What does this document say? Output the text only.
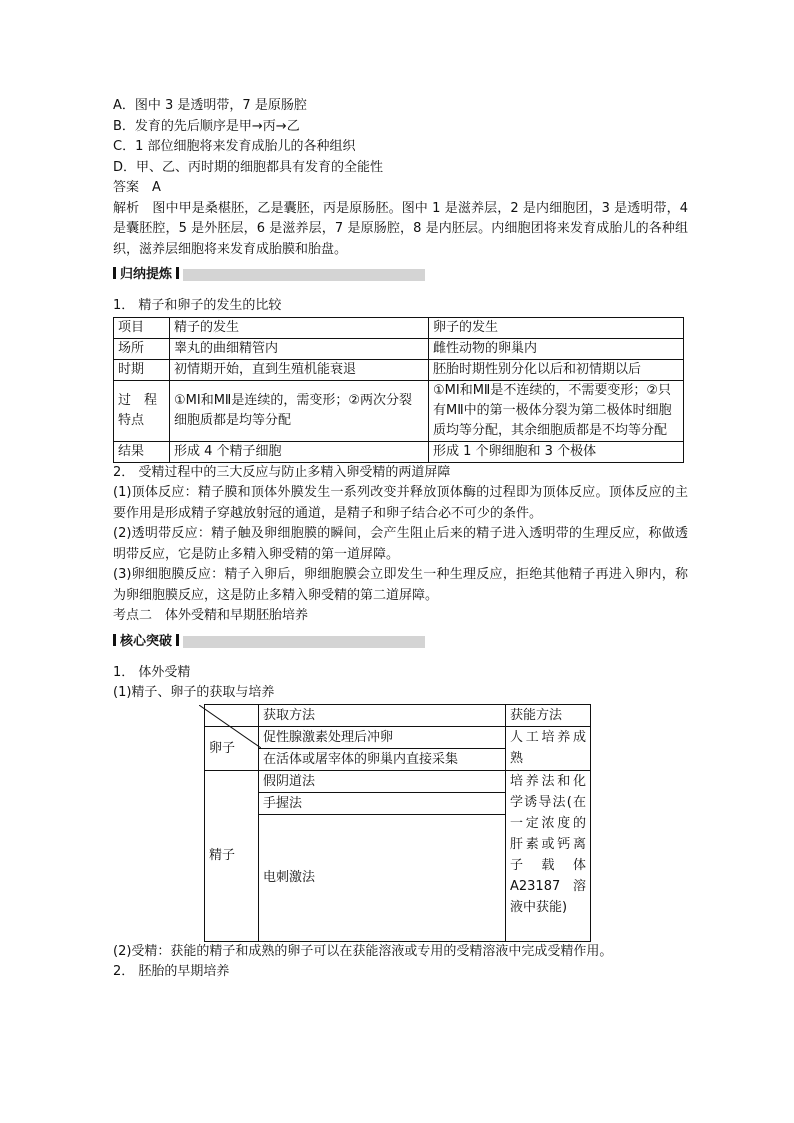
A．图中 3 是透明带，7 是原肠腔
B．发育的先后顺序是甲→丙→乙
C．1 部位细胞将来发育成胎儿的各种组织
D．甲、乙、丙时期的细胞都具有发育的全能性
答案　A
解析　图中甲是桑椹胚，乙是囊胚，丙是原肠胚。图中 1 是滋养层，2 是内细胞团，3 是透明带，4 是囊胚腔，5 是外胚层，6 是滋养层，7 是原肠腔，8 是内胚层。内细胞团将来发育成胎儿的各种组织，滋养层细胞将来发育成胎膜和胎盘。
归纳提炼
1． 精子和卵子的发生的比较
项目	精子的发生	卵子的发生
场所	睾丸的曲细精管内	雌性动物的卵巢内
时期	初情期开始，直到生殖机能衰退	胚胎时期性别分化以后和初情期以后
过　程特点	①MⅠ和MⅡ是连续的，需变形；②两次分裂细胞质都是均等分配	①MⅠ和MⅡ是不连续的，不需要变形；②只有MⅡ中的第一极体分裂为第二极体时细胞质均等分配，其余细胞质都是不均等分配
结果	形成 4 个精子细胞	形成 1 个卵细胞和 3 个极体
2． 受精过程中的三大反应与防止多精入卵受精的两道屏障
(1)顶体反应：精子膜和顶体外膜发生一系列改变并释放顶体酶的过程即为顶体反应。顶体反应的主要作用是形成精子穿越放射冠的通道，是精子和卵子结合必不可少的条件。
(2)透明带反应：精子触及卵细胞膜的瞬间，会产生阻止后来的精子进入透明带的生理反应，称做透明带反应，它是防止多精入卵受精的第一道屏障。
(3)卵细胞膜反应：精子入卵后，卵细胞膜会立即发生一种生理反应，拒绝其他精子再进入卵内，称为卵细胞膜反应，这是防止多精入卵受精的第二道屏障。
考点二　体外受精和早期胚胎培养
核心突破
1． 体外受精
(1)精子、卵子的获取与培养
	获取方法	获能方法
卵子	促性腺激素处理后冲卵	人工培养成熟
	在活体或屠宰体的卵巢内直接采集	
精子	假阴道法	培养法和化学诱导法(在一定浓度的肝素或钙离子载体A23187溶液中获能)
	手握法	
	电刺激法	
(2)受精：获能的精子和成熟的卵子可以在获能溶液或专用的受精溶液中完成受精作用。
2． 胚胎的早期培养
